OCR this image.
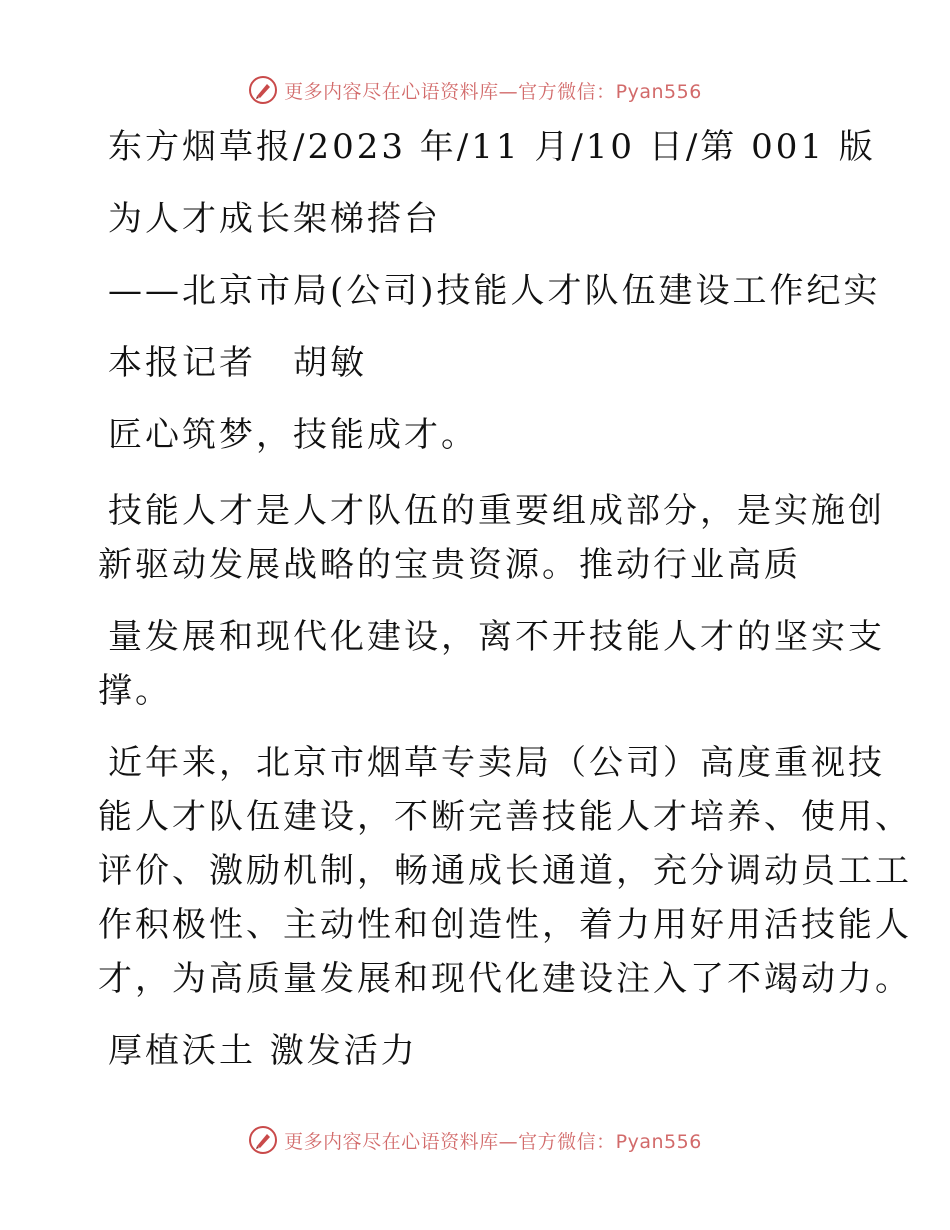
更多内容尽在心语资料库—官方微信：Pyan556

东方烟草报/2023 年/11 月/10 日/第 001 版

为人才成长架梯搭台

——北京市局(公司)技能人才队伍建设工作纪实

本报记者　胡敏

匠心筑梦，技能成才。

技能人才是人才队伍的重要组成部分，是实施创

新驱动发展战略的宝贵资源。推动行业高质

量发展和现代化建设，离不开技能人才的坚实支

撑。

近年来，北京市烟草专卖局（公司）高度重视技

能人才队伍建设，不断完善技能人才培养、使用、

评价、激励机制，畅通成长通道，充分调动员工工

作积极性、主动性和创造性，着力用好用活技能人

才，为高质量发展和现代化建设注入了不竭动力。

厚植沃土 激发活力

更多内容尽在心语资料库—官方微信：Pyan556
